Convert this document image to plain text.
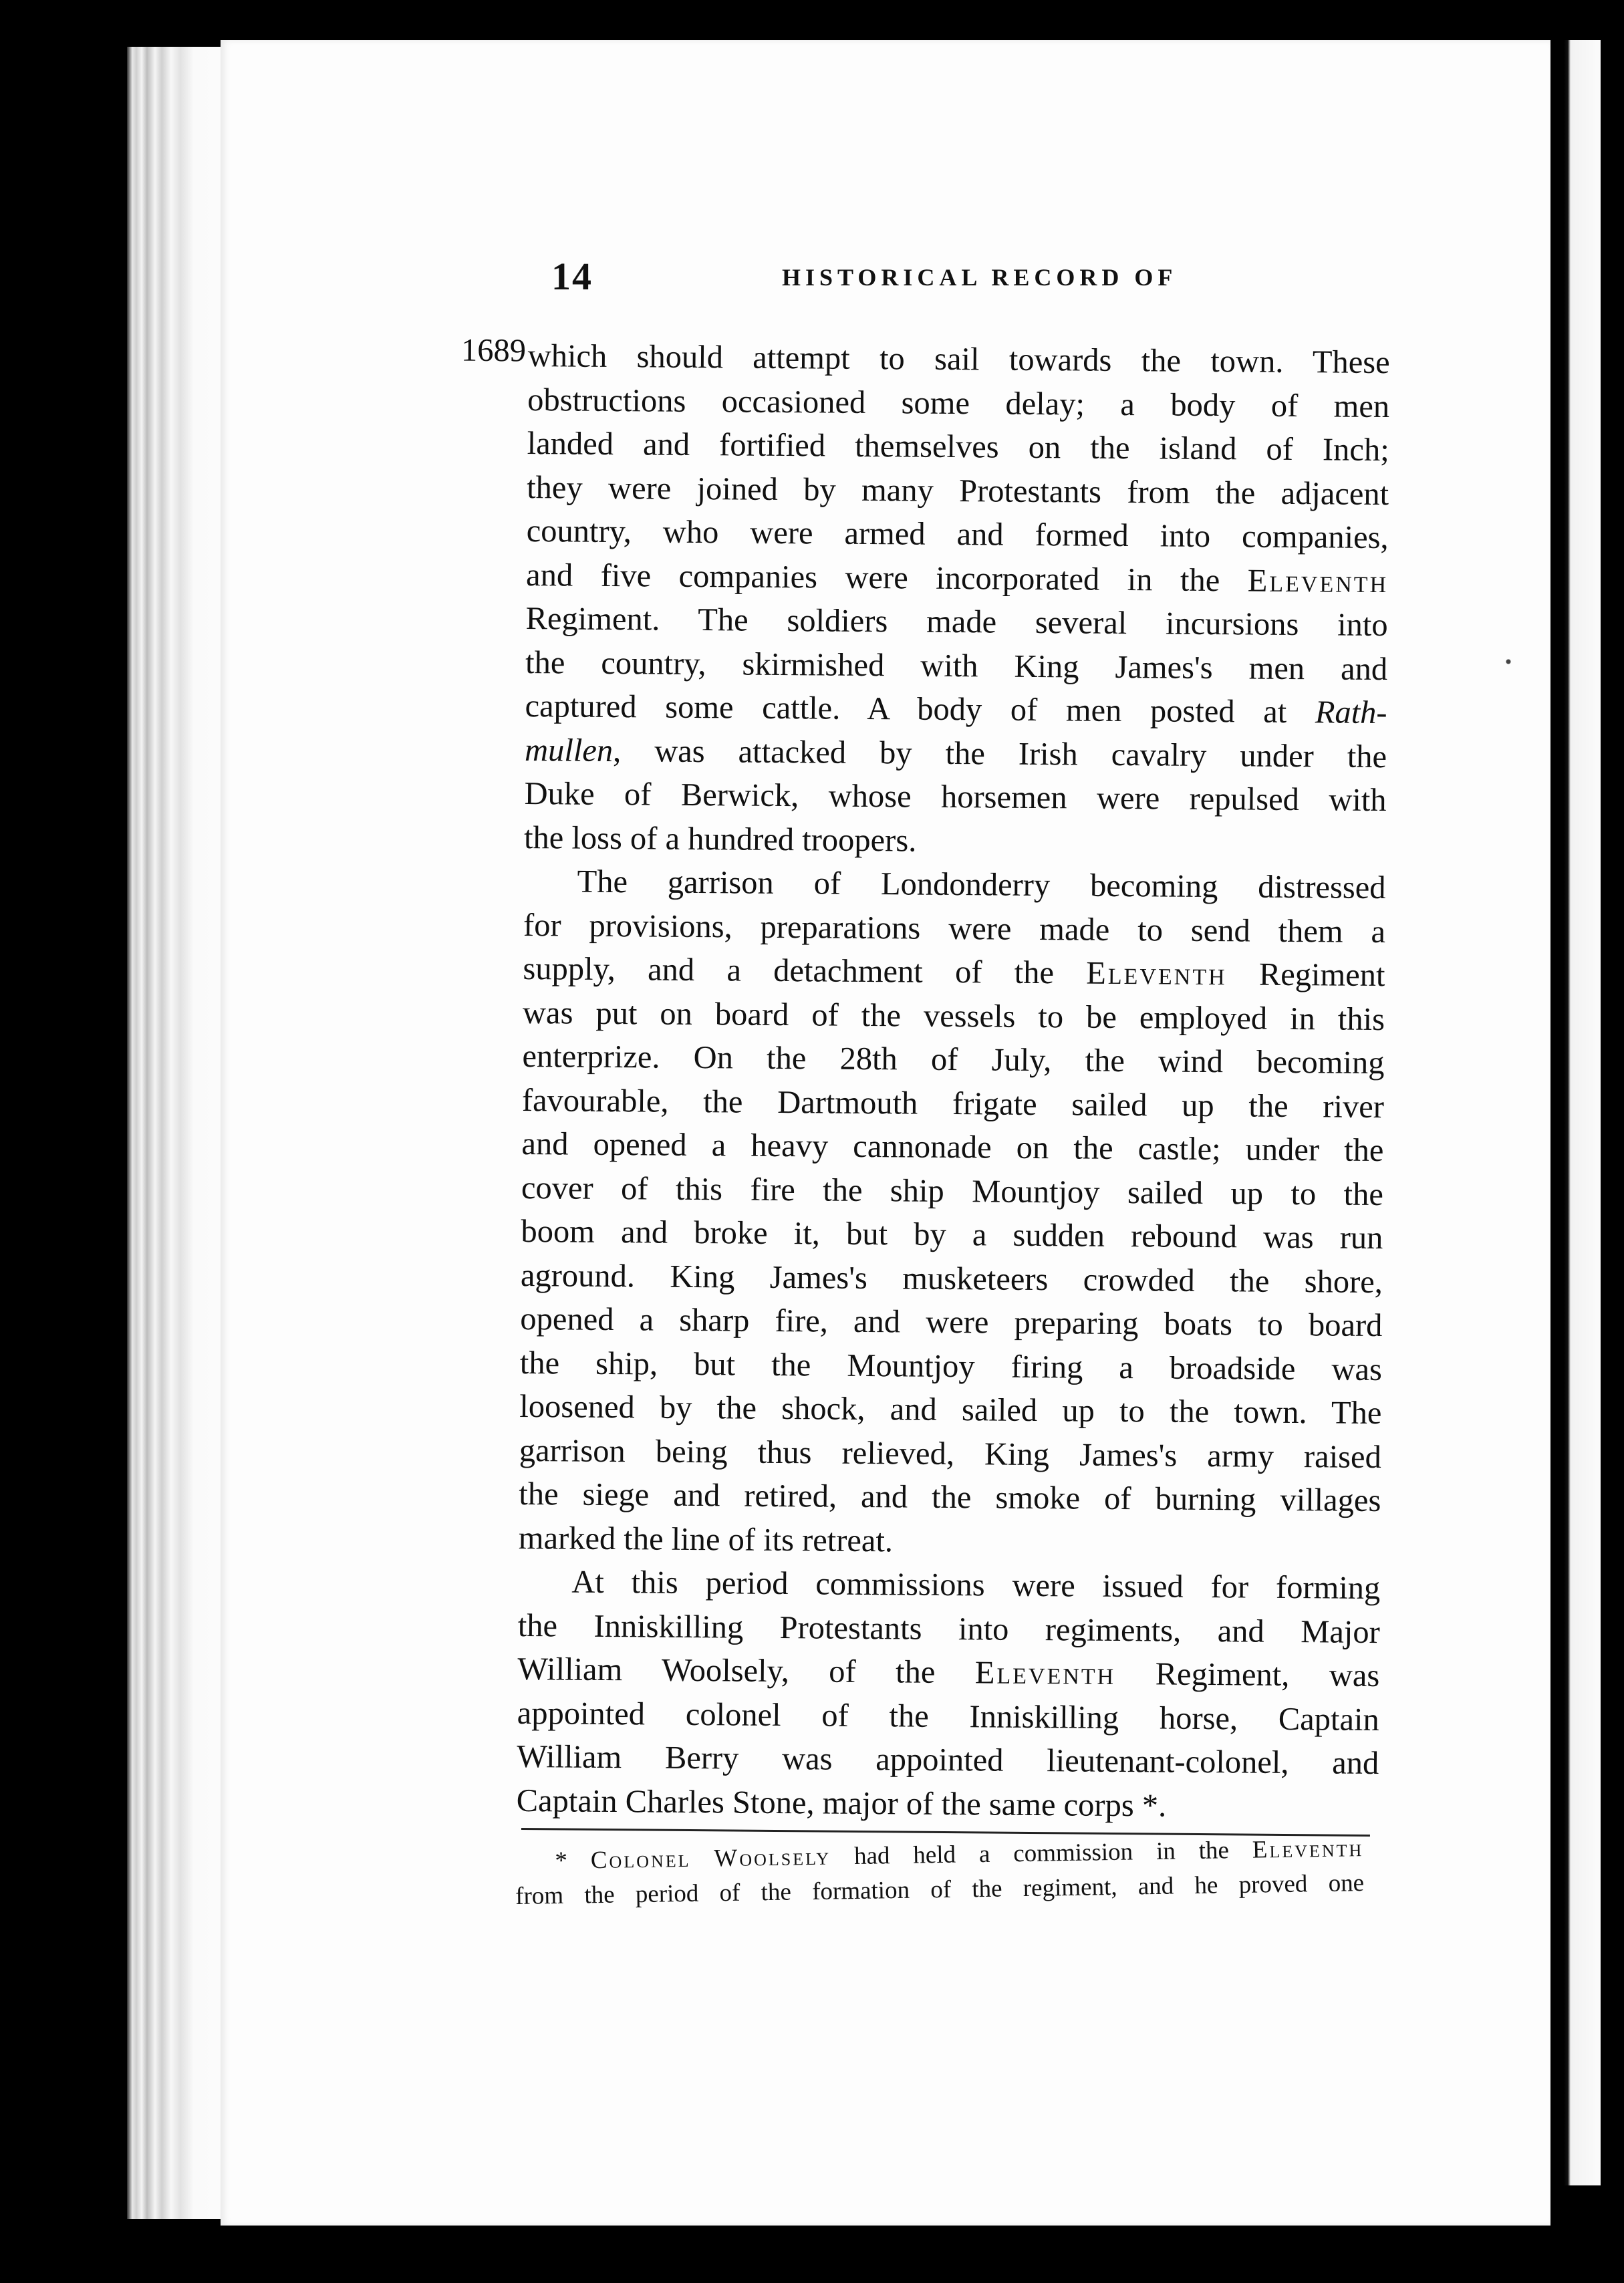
14	HISTORICAL RECORD OF
1689 which should attempt to sail towards the town. These
obstructions occasioned some delay; a body of men
landed and fortified themselves on the island of Inch;
they were joined by many Protestants from the adjacent
country, who were armed and formed into companies,
and five companies were incorporated in the Eleventh
Regiment. The soldiers made several incursions into
the country, skirmished with King James's men and
captured some cattle. A body of men posted at Rath-
mullen, was attacked by the Irish cavalry under the
Duke of Berwick, whose horsemen were repulsed with
the loss of a hundred troopers.
The garrison of Londonderry becoming distressed
for provisions, preparations were made to send them a
supply, and a detachment of the Eleventh Regiment
was put on board of the vessels to be employed in this
enterprize. On the 28th of July, the wind becoming
favourable, the Dartmouth frigate sailed up the river
and opened a heavy cannonade on the castle; under the
cover of this fire the ship Mountjoy sailed up to the
boom and broke it, but by a sudden rebound was run
aground. King James's musketeers crowded the shore,
opened a sharp fire, and were preparing boats to board
the ship, but the Mountjoy firing a broadside was
loosened by the shock, and sailed up to the town. The
garrison being thus relieved, King James's army raised
the siege and retired, and the smoke of burning villages
marked the line of its retreat.
At this period commissions were issued for forming
the Inniskilling Protestants into regiments, and Major
William Woolsely, of the Eleventh Regiment, was
appointed colonel of the Inniskilling horse, Captain
William Berry was appointed lieutenant-colonel, and
Captain Charles Stone, major of the same corps *.
* Colonel Woolsely had held a commission in the Eleventh
from the period of the formation of the regiment, and he proved one
